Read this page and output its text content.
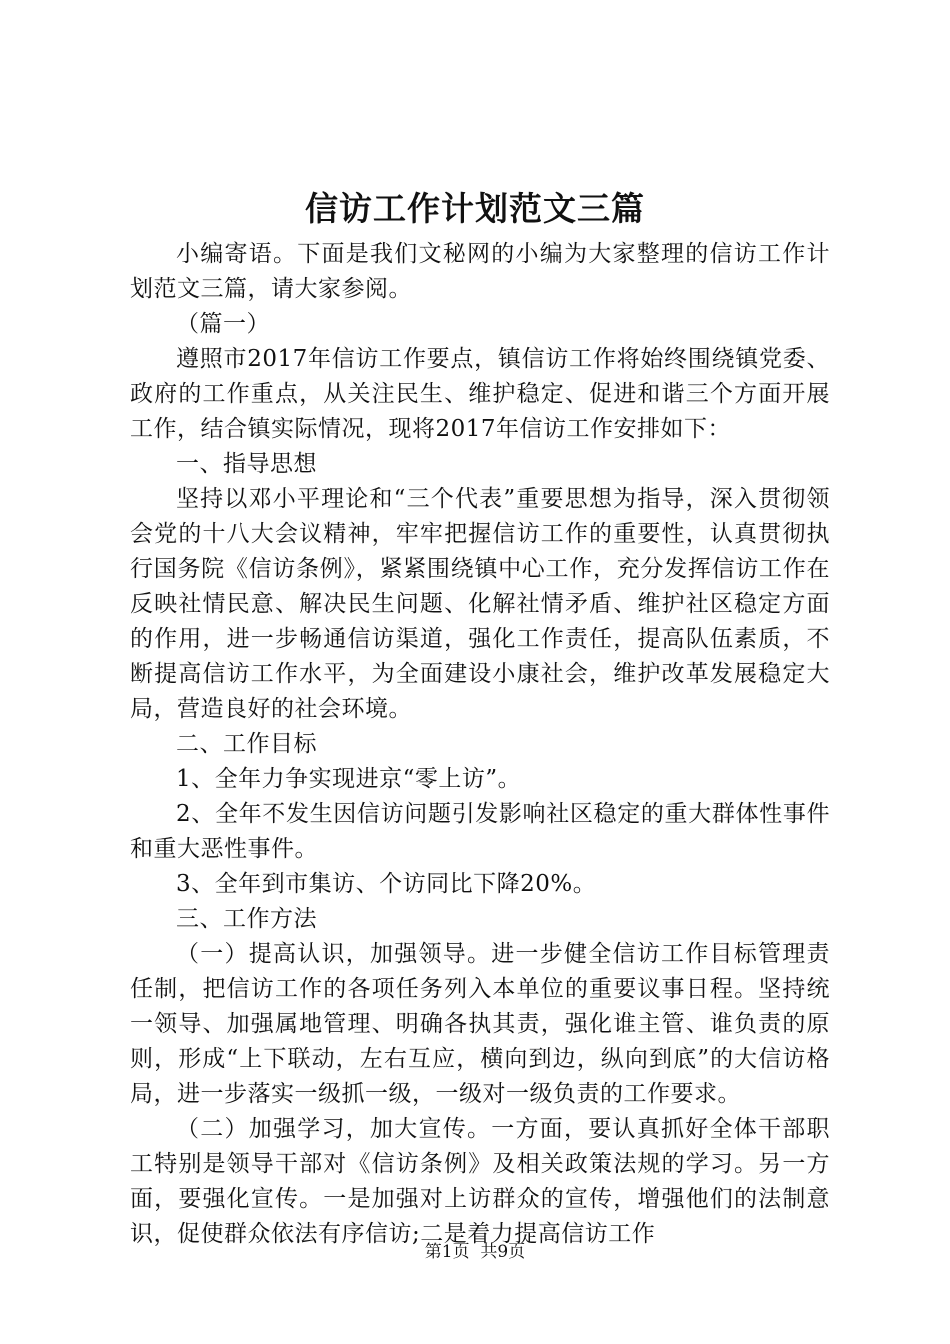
信访工作计划范文三篇

小编寄语。下面是我们文秘网的小编为大家整理的信访工作计划范文三篇，请大家参阅。

（篇一）

遵照市2017年信访工作要点，镇信访工作将始终围绕镇党委、政府的工作重点，从关注民生、维护稳定、促进和谐三个方面开展工作，结合镇实际情况，现将2017年信访工作安排如下：

一、指导思想

坚持以邓小平理论和“三个代表”重要思想为指导，深入贯彻领会党的十八大会议精神，牢牢把握信访工作的重要性，认真贯彻执行国务院《信访条例》，紧紧围绕镇中心工作，充分发挥信访工作在反映社情民意、解决民生问题、化解社情矛盾、维护社区稳定方面的作用，进一步畅通信访渠道，强化工作责任，提高队伍素质，不断提高信访工作水平，为全面建设小康社会，维护改革发展稳定大局，营造良好的社会环境。

二、工作目标

1、全年力争实现进京“零上访”。

2、全年不发生因信访问题引发影响社区稳定的重大群体性事件和重大恶性事件。

3、全年到市集访、个访同比下降20%。

三、工作方法

（一）提高认识，加强领导。进一步健全信访工作目标管理责任制，把信访工作的各项任务列入本单位的重要议事日程。坚持统一领导、加强属地管理、明确各执其责，强化谁主管、谁负责的原则，形成“上下联动，左右互应，横向到边，纵向到底”的大信访格局，进一步落实一级抓一级，一级对一级负责的工作要求。

（二）加强学习，加大宣传。一方面，要认真抓好全体干部职工特别是领导干部对《信访条例》及相关政策法规的学习。另一方面，要强化宣传。一是加强对上访群众的宣传，增强他们的法制意识，促使群众依法有序信访;二是着力提高信访工作

第1页  共9页
